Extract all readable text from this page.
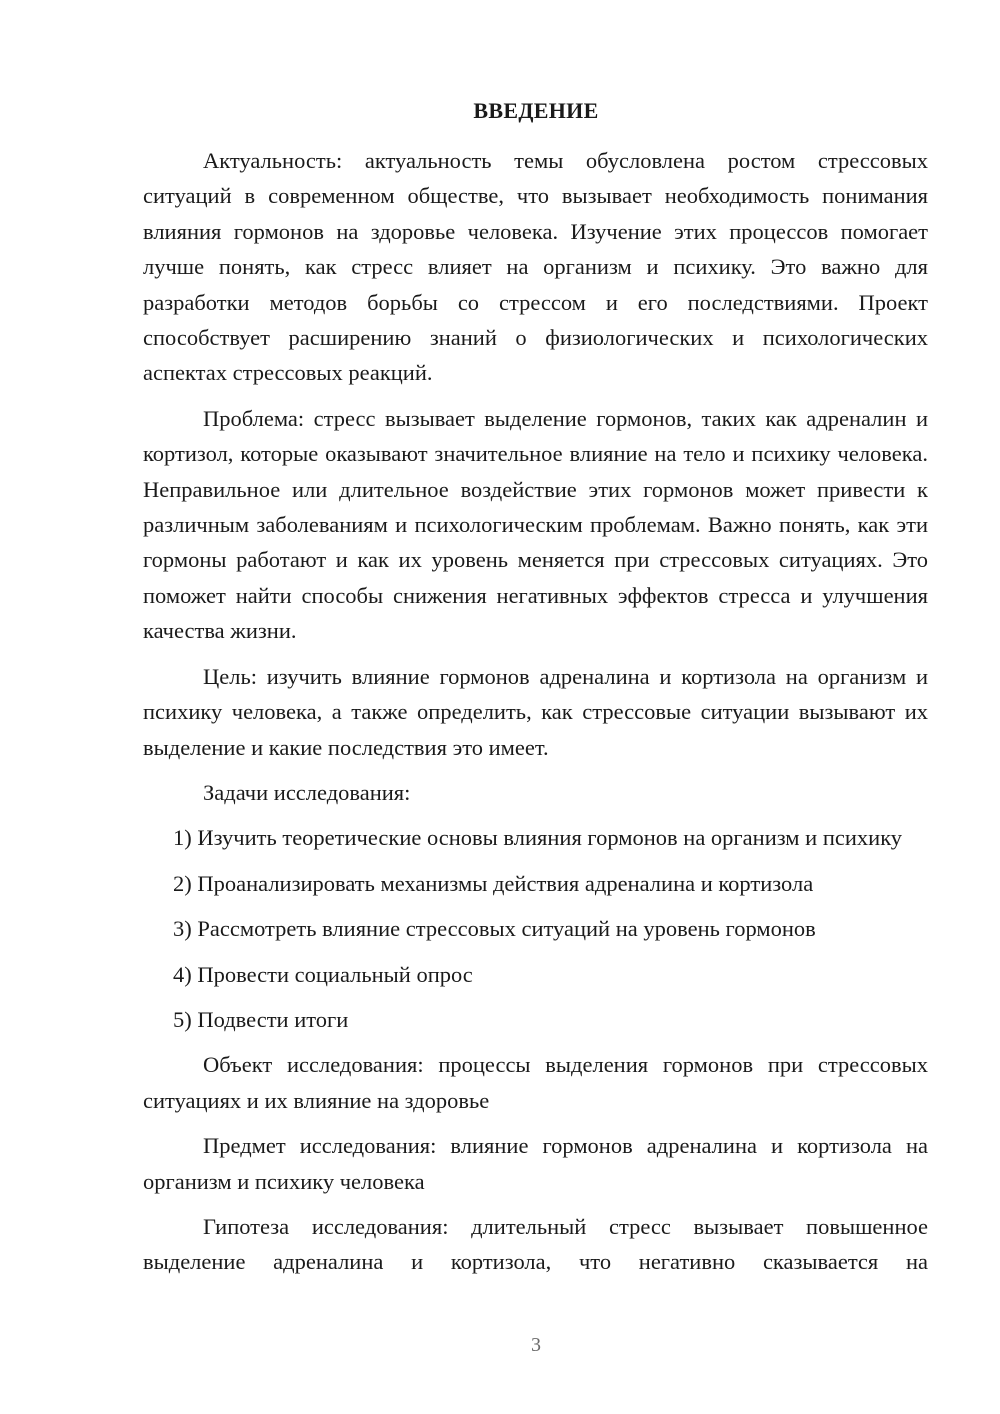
ВВЕДЕНИЕ

Актуальность: актуальность темы обусловлена ростом стрессовых ситуаций в современном обществе, что вызывает необходимость понимания влияния гормонов на здоровье человека. Изучение этих процессов помогает лучше понять, как стресс влияет на организм и психику. Это важно для разработки методов борьбы со стрессом и его последствиями. Проект способствует расширению знаний о физиологических и психологических аспектах стрессовых реакций.

Проблема: стресс вызывает выделение гормонов, таких как адреналин и кортизол, которые оказывают значительное влияние на тело и психику человека. Неправильное или длительное воздействие этих гормонов может привести к различным заболеваниям и психологическим проблемам. Важно понять, как эти гормоны работают и как их уровень меняется при стрессовых ситуациях. Это поможет найти способы снижения негативных эффектов стресса и улучшения качества жизни.

Цель: изучить влияние гормонов адреналина и кортизола на организм и психику человека, а также определить, как стрессовые ситуации вызывают их выделение и какие последствия это имеет.

Задачи исследования:

1) Изучить теоретические основы влияния гормонов на организм и психику

2) Проанализировать механизмы действия адреналина и кортизола

3) Рассмотреть влияние стрессовых ситуаций на уровень гормонов

4) Провести социальный опрос

5) Подвести итоги

Объект исследования: процессы выделения гормонов при стрессовых ситуациях и их влияние на здоровье

Предмет исследования: влияние гормонов адреналина и кортизола на организм и психику человека

Гипотеза исследования: длительный стресс вызывает повышенное выделение адреналина и кортизола, что негативно сказывается на

3
